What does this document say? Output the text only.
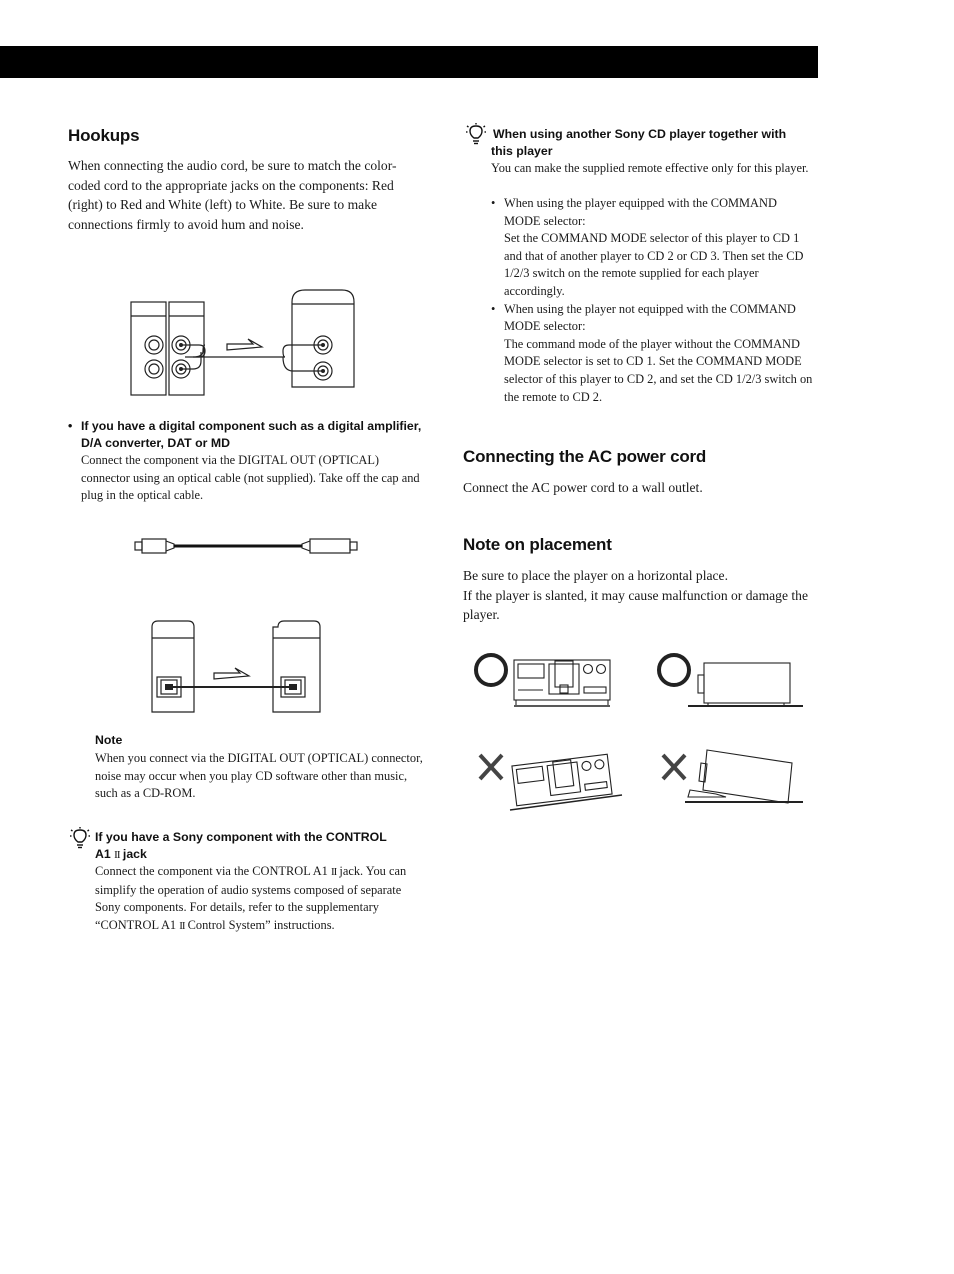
Hookups

When connecting the audio cord, be sure to match the color-coded cord to the appropriate jacks on the components: Red (right) to Red and White (left) to White. Be sure to make connections firmly to avoid hum and noise.

• If you have a digital component such as a digital amplifier, D/A converter, DAT or MD

Connect the component via the DIGITAL OUT (OPTICAL) connector using an optical cable (not supplied). Take off the cap and plug in the optical cable.

Note

When you connect via the DIGITAL OUT (OPTICAL) connector, noise may occur when you play CD software other than music, such as a CD-ROM.

If you have a Sony component with the CONTROL
A1 II jack

Connect the component via the CONTROL A1 II jack. You can simplify the operation of audio systems composed of separate Sony components. For details, refer to the supplementary “CONTROL A1 II Control System” instructions.

When using another Sony CD player together with this player

You can make the supplied remote effective only for this player.

• When using the player equipped with the COMMAND MODE selector:
Set the COMMAND MODE selector of this player to CD 1 and that of another player to CD 2 or CD 3. Then set the CD 1/2/3 switch on the remote supplied for each player accordingly.
• When using the player not equipped with the COMMAND MODE selector:
The command mode of the player without the COMMAND MODE selector is set to CD 1. Set the COMMAND MODE selector of this player to CD 2, and set the CD 1/2/3 switch on the remote to CD 2.
Connecting the AC power cord

Connect the AC power cord to a wall outlet.

Note on placement

Be sure to place the player on a horizontal place.
If the player is slanted, it may cause malfunction or damage the player.
